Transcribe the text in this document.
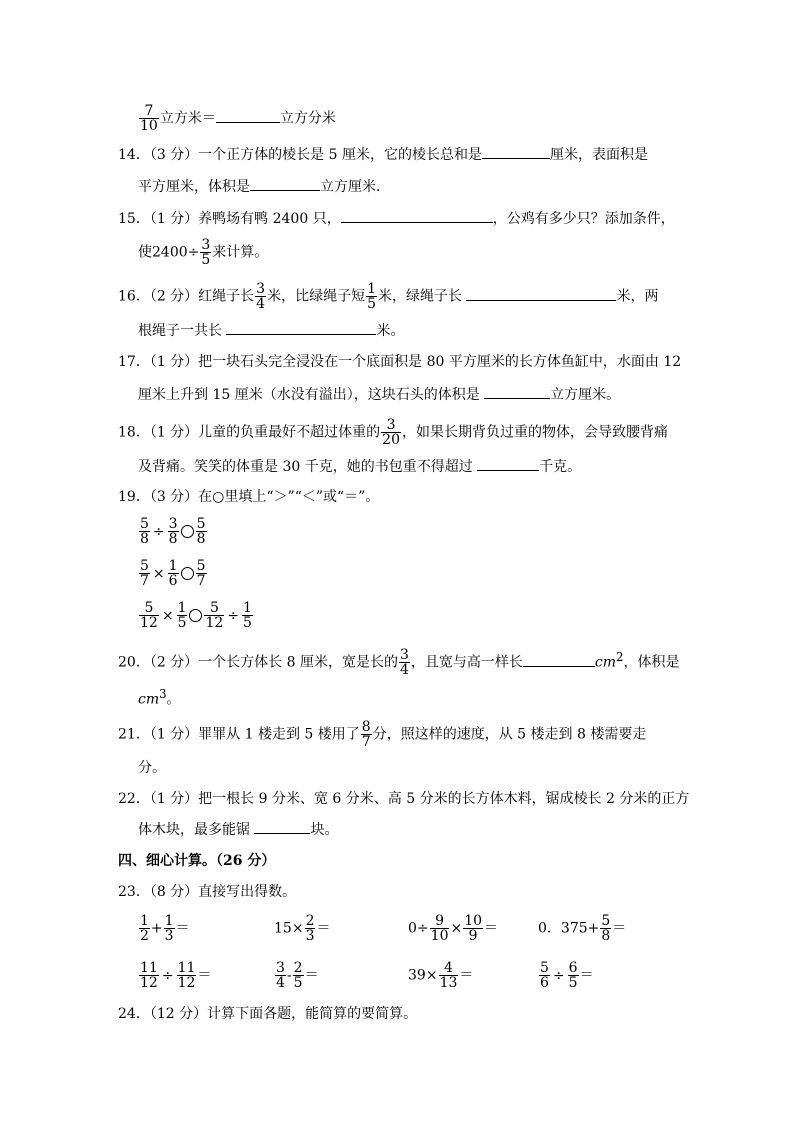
$\frac{7}{10}$ 立方米＝	立方分米
14．（3 分）一个正方体的棱长是 5 厘米，它的棱长总和是	厘米，表面积是
平方厘米，体积是	立方厘米．
15．（1 分）养鸭场有鸭 2400 只，	，公鸡有多少只？添加条件，
使$2400\div \frac{3}{5}$ 来计算。
16．（2 分）红绳子长 $\frac{3}{4}$ 米，比绿绳子短 $\frac{1}{5}$ 米，绿绳子长	米，两
根绳子一共长	米。
17．（1 分）把一块石头完全浸没在一个底面积是 80 平方厘米的长方体鱼缸中，水面由 12
厘米上升到 15 厘米（水没有溢出），这块石头的体积是	立方厘米。
18．（1 分）儿童的负重最好不超过体重的 $\frac{3}{20}$ ，如果长期背负过重的物体，会导致腰背痛
及背痛。笑笑的体重是 30 千克，她的书包重不得超过	千克。
19．（3 分）在○里填上“＞”“＜”或“＝”。
$\frac{5}{8} \div \frac{3}{8} \frac{5}{8}$
$\frac{5}{7} \times \frac{1}{6} \frac{5}{7}$
$\frac{5}{12} \times \frac{1}{5} \frac{5}{12} \div \frac{1}{5}$
20．（2 分）一个长方体长 8 厘米，宽是长的 $\frac{3}{4}$ ，且宽与高一样长	$cm^2$，体积是
$cm^3$。
21．（1 分）罪罪从 1 楼走到 5 楼用了 $\frac{8}{7}$ 分，照这样的速度，从 5 楼走到 8 楼需要走
分。
22．（1 分）把一根长 9 分米、宽 6 分米、高 5 分米的长方体木料，锯成棱长 2 分米的正方
体木块，最多能锯	块。
四、细心计算。（26 分）
23．（8 分）直接写出得数。
$\frac{1}{2} + \frac{1}{3}$ ＝	$15\times \frac{2}{3}$ ＝	$0\div \frac{9}{10} \times \frac{10}{9}$ ＝	0．$375+ \frac{5}{8}$ ＝
$\frac{11}{12} \div \frac{11}{12}$ ＝	$\frac{3}{4} - \frac{2}{5}$ ＝	$39\times \frac{4}{13}$ ＝	$\frac{5}{6} \div \frac{6}{5}$ ＝
24．（12 分）计算下面各题，能简算的要简算。
